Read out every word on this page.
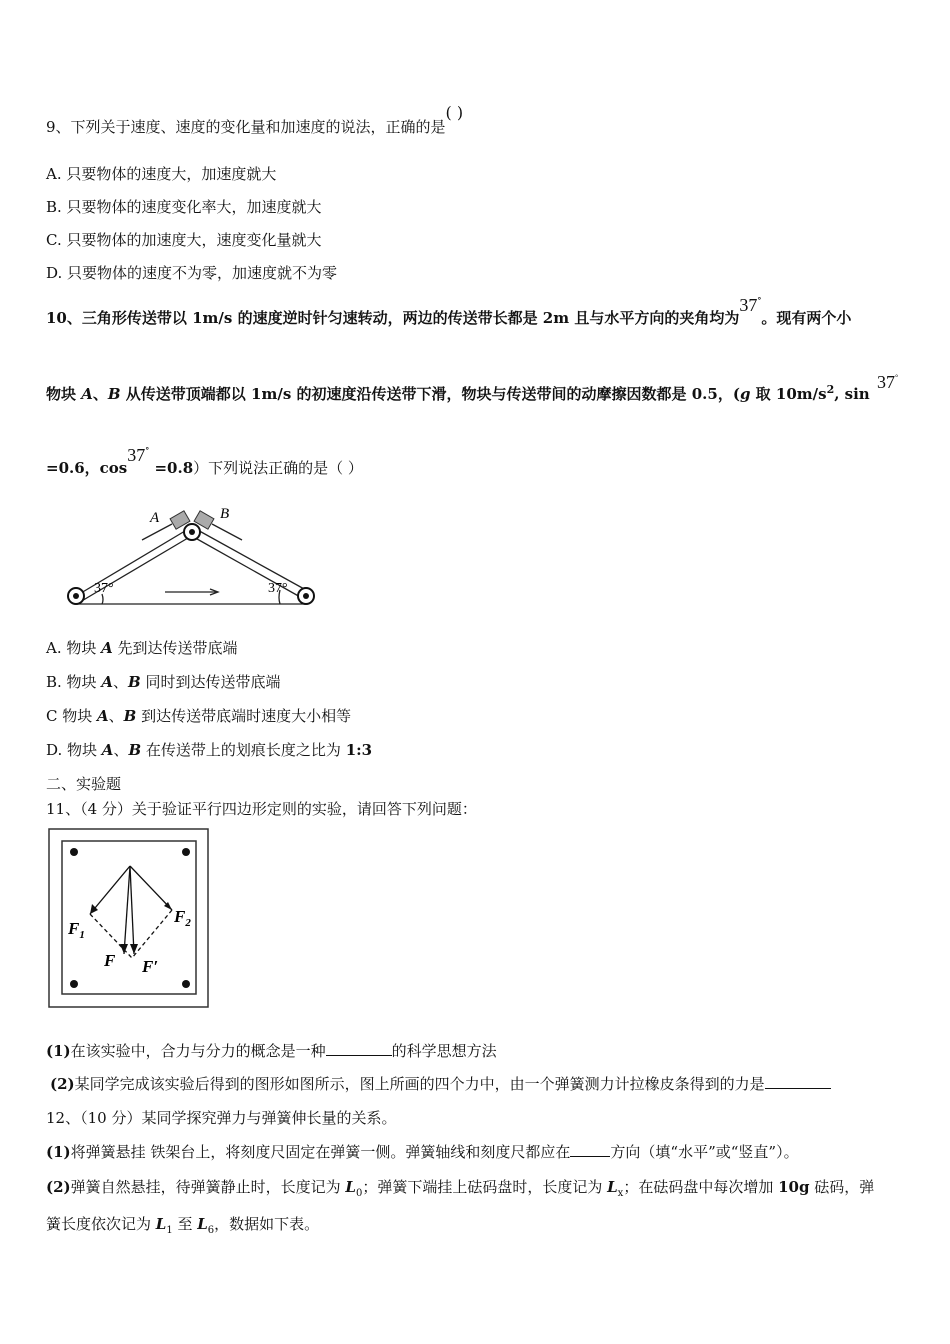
9、下列关于速度、速度的变化量和加速度的说法，正确的是( )
A. 只要物体的速度大，加速度就大
B. 只要物体的速度变化率大，加速度就大
C. 只要物体的加速度大，速度变化量就大
D. 只要物体的速度不为零，加速度就不为零
10、三角形传送带以 1m/s 的速度逆时针匀速转动，两边的传送带长都是 2m 且与水平方向的夹角均为37°。现有两个小
物块 A、B 从传送带顶端都以 1m/s 的初速度沿传送带下滑，物块与传送带间的动摩擦因数都是 0.5，(g 取 $10m/s^2$, sin
37°
=0.6，cos37° =0.8）下列说法正确的是（ ）
A	B
37°	37°
A. 物块 A 先到达传送带底端
B. 物块 A、B 同时到达传送带底端
C 物块 A、B 到达传送带底端时速度大小相等
D. 物块 A、B 在传送带上的划痕长度之比为 1:3
二、实验题
11、（4 分）关于验证平行四边形定则的实验，请回答下列问题：
$F_1$
$F_2$
F F′
(1)在该实验中，合力与分力的概念是一种	的科学思想方法
(2)某同学完成该实验后得到的图形如图所示，图上所画的四个力中，由一个弹簧测力计拉橡皮条得到的力是
12、（10 分）某同学探究弹力与弹簧伸长量的关系。
(1)将弹簧悬挂 铁架台上，将刻度尺固定在弹簧一侧。弹簧轴线和刻度尺都应在	方向（填“水平”或“竖直”）。
(2)弹簧自然悬挂，待弹簧静止时，长度记为 $L_0$；弹簧下端挂上砝码盘时，长度记为 $L_x$；在砝码盘中每次增加 10g 砝码，弹
簧长度依次记为 $L_1$ 至 $L_6$，数据如下表。
